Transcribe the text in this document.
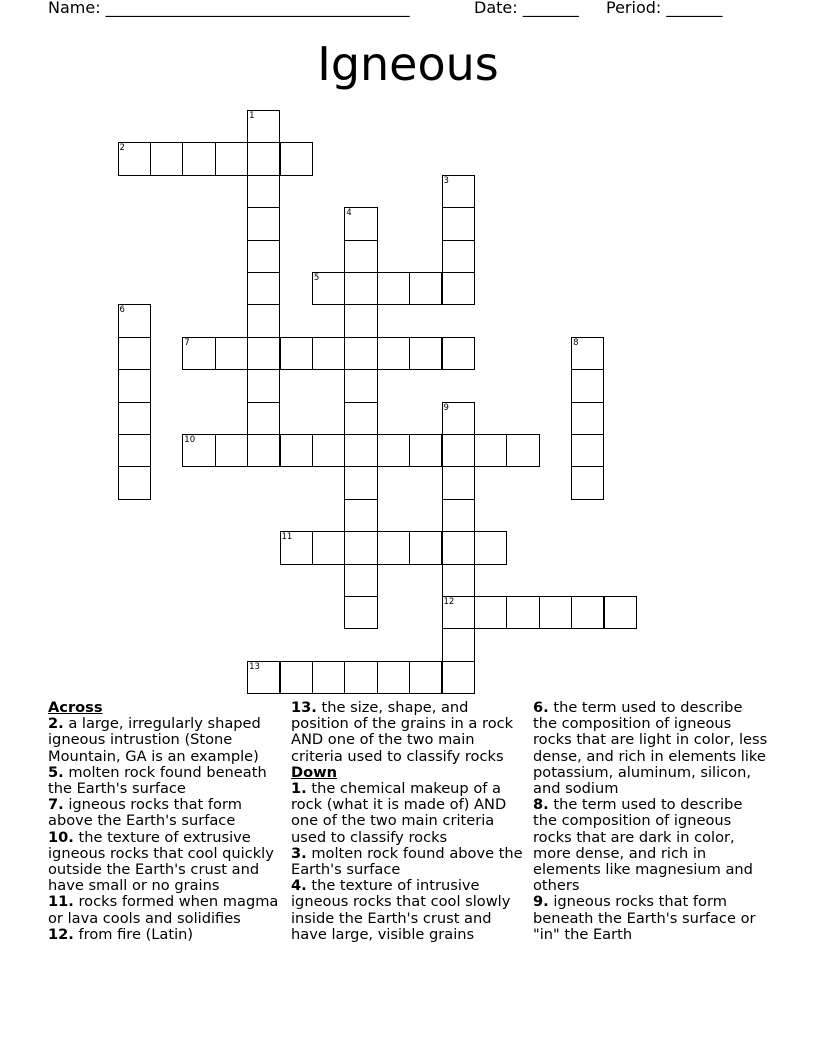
Name: ______________________________________	Date: _______ Period: _______
Igneous
1
2
3
4
5
6
7	8
9
12
10
11
13
Across

2. a large, irregularly shaped igneous intrustion (Stone Mountain, GA is an example)

5. molten rock found beneath the Earth's surface

7. igneous rocks that form above the Earth's surface

10. the texture of extrusive igneous rocks that cool quickly outside the Earth's crust and have small or no grains

11. rocks formed when magma or lava cools and solidifies

12. from fire (Latin)

13. the size, shape, and position of the grains in a rock AND one of the two main criteria used to classify rocks

Down

1. the chemical makeup of a rock (what it is made of) AND one of the two main criteria used to classify rocks

3. molten rock found above the Earth's surface

4. the texture of intrusive igneous rocks that cool slowly inside the Earth's crust and have large, visible grains

6. the term used to describe the composition of igneous rocks that are light in color, less dense, and rich in elements like potassium, aluminum, silicon, and sodium

8. the term used to describe the composition of igneous rocks that are dark in color, more dense, and rich in elements like magnesium and others

9. igneous rocks that form beneath the Earth's surface or "in" the Earth
